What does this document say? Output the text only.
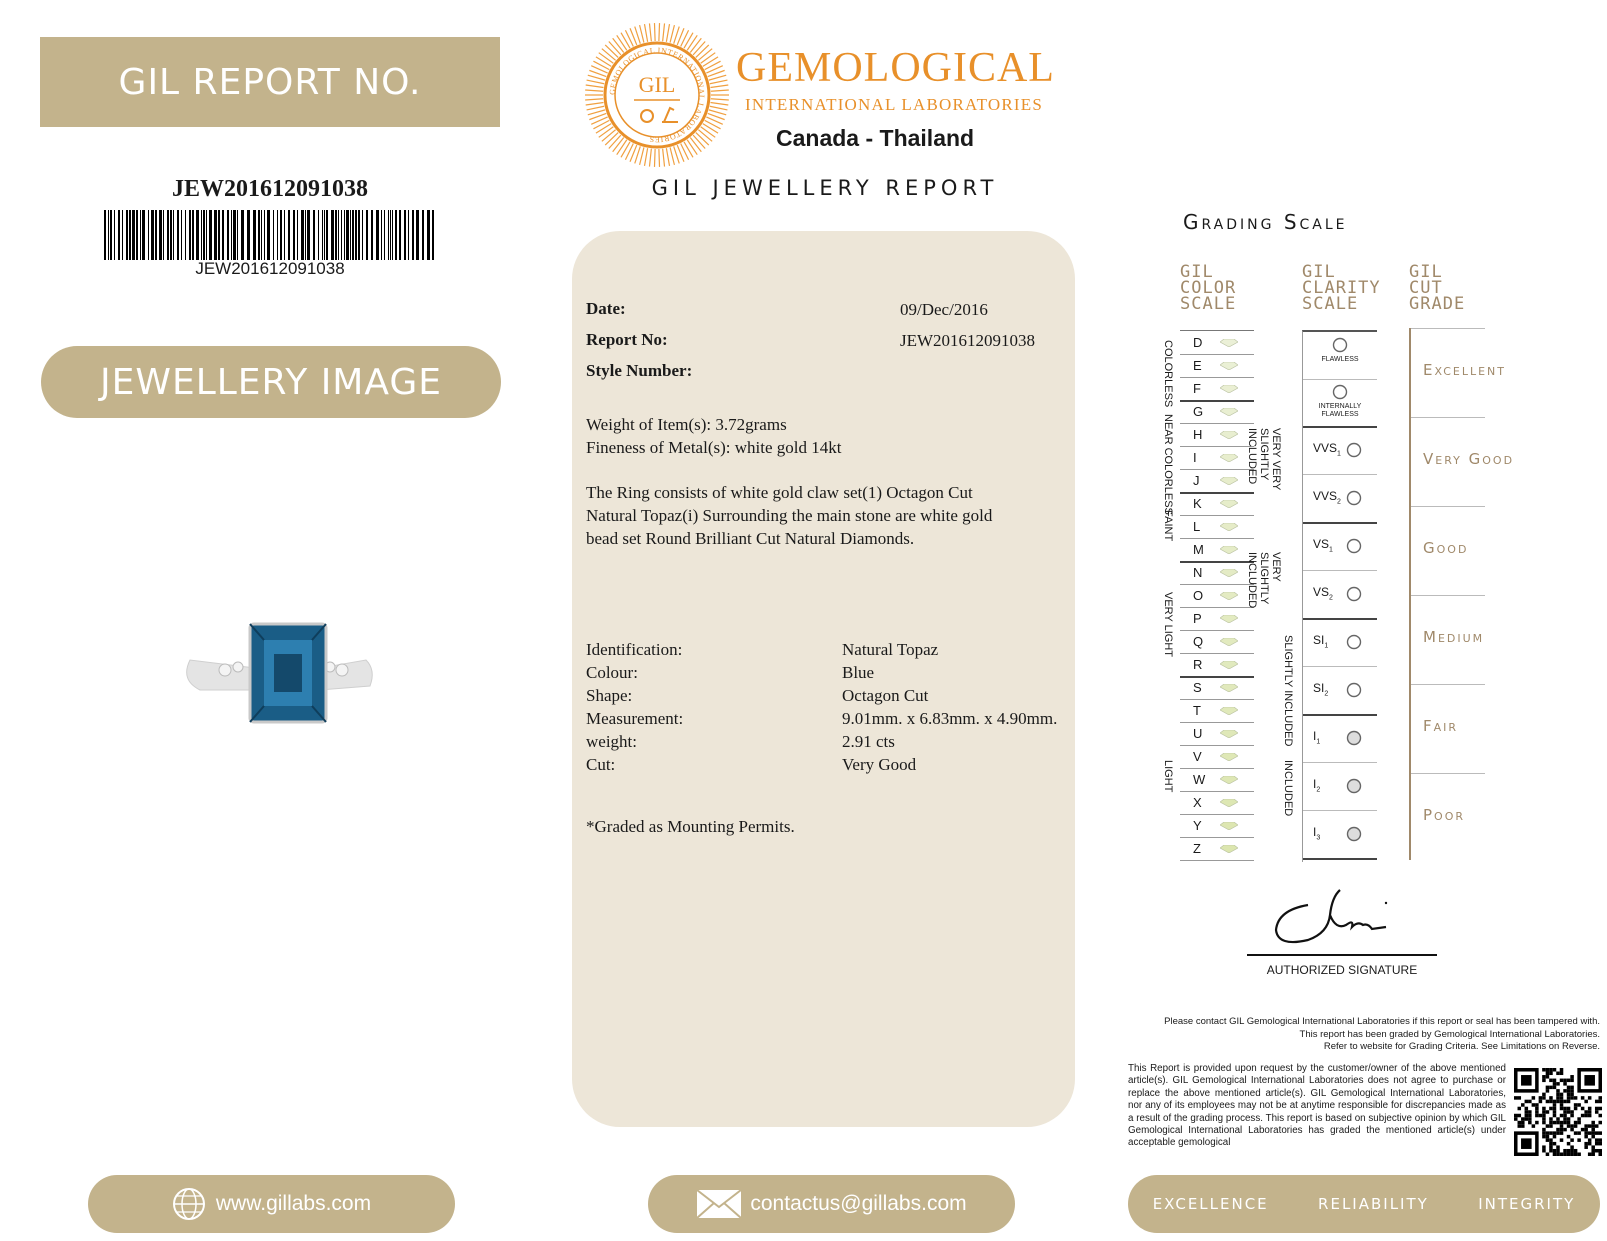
GIL REPORT NO.
JEW201612091038
JEW201612091038
JEWELLERY IMAGE
GEMOLOGICAL INTERNATIONAL LABORATORIES
GIL GEMOLOGICAL
INTERNATIONAL LABORATORIES
Canada - Thailand
GIL JEWELLERY REPORT
Date:	09/Dec/2016
Report No:	JEW201612091038
Style Number:
Weight of Item(s): 3.72grams
Fineness of Metal(s): white gold 14kt
The Ring consists of white gold claw set(1) Octagon Cut
Natural Topaz(i) Surrounding the main stone are white gold
bead set Round Brilliant Cut Natural Diamonds.
Identification:	Natural Topaz
Colour:	Blue
Shape:	Octagon Cut
Measurement:	9.01mm. x 6.83mm. x 4.90mm.
weight:	2.91 cts
Cut:	Very Good
*Graded as Mounting Permits.
Grading Scale
GIL
COLOR
SCALE
GIL
CLARITY
SCALE
GIL
CUT
GRADE
COLORLESS
NEAR COLORLESS
FAINT
VERY LIGHT
LIGHT
D
E
F
G
H
I
J
K
L
M
N
O
P
Q
R
S
T
U
V
W
X
Y
Z
VERY VERY SLIGHTLY INCLUDED
VERY SLIGHTLY INCLUDED
SLIGHTLY INCLUDED
INCLUDED
FLAWLESS
INTERNALLY FLAWLESS
$VVS_1$
$VVS_2$
$VS_1$
$VS_2$
$SI_1$
$SI_2$
$I_1$
$I_2$
$I_3$
Excellent
Very Good
Good
Medium
Fair
Poor
AUTHORIZED SIGNATURE
Please contact GIL Gemological International Laboratories if this report or seal has been tampered with.
This report has been graded by Gemological International Laboratories.
Refer to website for Grading Criteria. See Limitations on Reverse.
This Report is provided upon request by the customer/owner of the above mentioned article(s). GIL Gemological International Laboratories does not agree to purchase or replace the above mentioned article(s). GIL Gemological International Laboratories, nor any of its employees may not be at anytime responsible for discrepancies made as a result of the grading process. This report is based on subjective opinion by which GIL Gemological International Laboratories has graded the mentioned article(s) under acceptable gemological
www.gillabs.com	contactus@gillabs.com	EXCELLENCE	RELIABILITY	INTEGRITY
